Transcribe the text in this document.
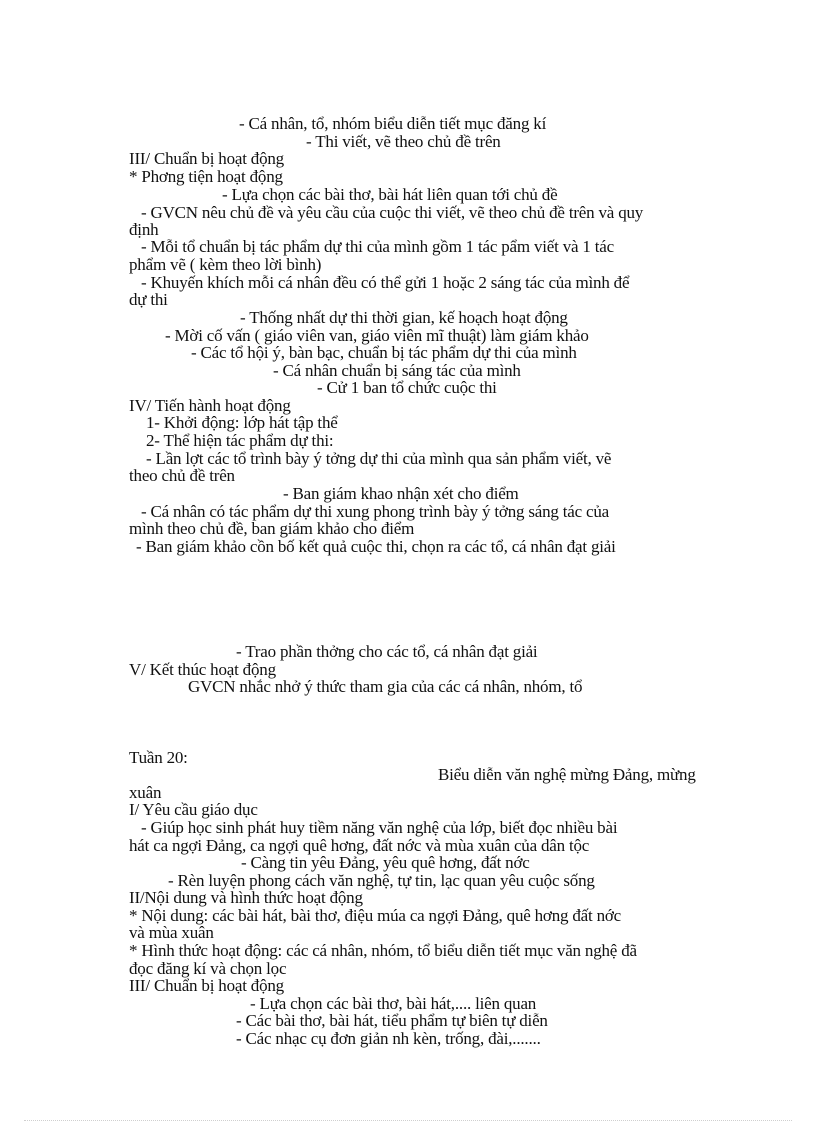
- Cá nhân, tổ, nhóm biểu diễn tiết mục đăng kí
- Thi viết, vẽ theo chủ đề trên
III/ Chuẩn bị hoạt động
* Phơng tiện hoạt động
- Lựa chọn các bài thơ, bài hát liên quan tới chủ đề
- GVCN nêu chủ đề và yêu cầu của cuộc thi viết, vẽ theo chủ đề trên và quy
định
- Mỗi tổ chuẩn bị tác phẩm dự thi của mình gồm 1 tác pẩm viết và 1 tác
phẩm vẽ ( kèm theo lời bình)
- Khuyến khích mỗi cá nhân đều có thể gửi 1 hoặc 2 sáng tác của mình để
dự thi
- Thống nhất dự thi thời gian, kế hoạch hoạt động
- Mời cố vấn ( giáo viên van, giáo viên mĩ thuật) làm giám khảo
- Các tổ hội ý, bàn bạc, chuẩn bị tác phẩm dự thi của mình
- Cá nhân chuẩn bị sáng tác của mình
- Cử 1 ban tổ chức cuộc thi
IV/ Tiến hành hoạt động
1- Khởi động: lớp hát tập thể
2- Thể hiện tác phẩm dự thi:
- Lần lợt các tổ trình bày ý tởng dự thi của mình qua sản phẩm viết, vẽ
theo chủ đề trên
- Ban giám khao nhận xét cho điểm
- Cá nhân có tác phẩm dự thi xung phong trình bày ý tởng sáng tác của
mình theo chủ đề, ban giám khảo cho điểm
- Ban giám khảo cồn bố kết quả cuộc thi, chọn ra các tổ, cá nhân đạt giải
- Trao phần thởng cho các tổ, cá nhân đạt giải
V/ Kết thúc hoạt động
GVCN nhắc nhở ý thức tham gia của các cá nhân, nhóm, tổ
Tuần 20:
Biểu diễn văn nghệ mừng Đảng, mừng
xuân
I/ Yêu cầu giáo dục
- Giúp học sinh phát huy tiềm năng văn nghệ của lớp, biết đọc nhiều bài
hát ca ngợi Đảng, ca ngợi quê hơng, đất nớc và mùa xuân của dân tộc
- Càng tin yêu Đảng, yêu quê hơng, đất nớc
- Rèn luyện phong cách văn nghệ, tự tin, lạc quan yêu cuộc sống
II/Nội dung và hình thức hoạt động
* Nội dung: các bài hát, bài thơ, điệu múa ca ngợi Đảng, quê hơng đất nớc
và mùa xuân
* Hình thức hoạt động: các cá nhân, nhóm, tổ biểu diễn tiết mục văn nghệ đã
đọc đăng kí và chọn lọc
III/ Chuẩn bị hoạt động
- Lựa chọn các bài thơ, bài hát,.... liên quan
- Các bài thơ, bài hát, tiểu phẩm tự biên tự diễn
- Các nhạc cụ đơn giản nh kèn, trống, đài,.......
